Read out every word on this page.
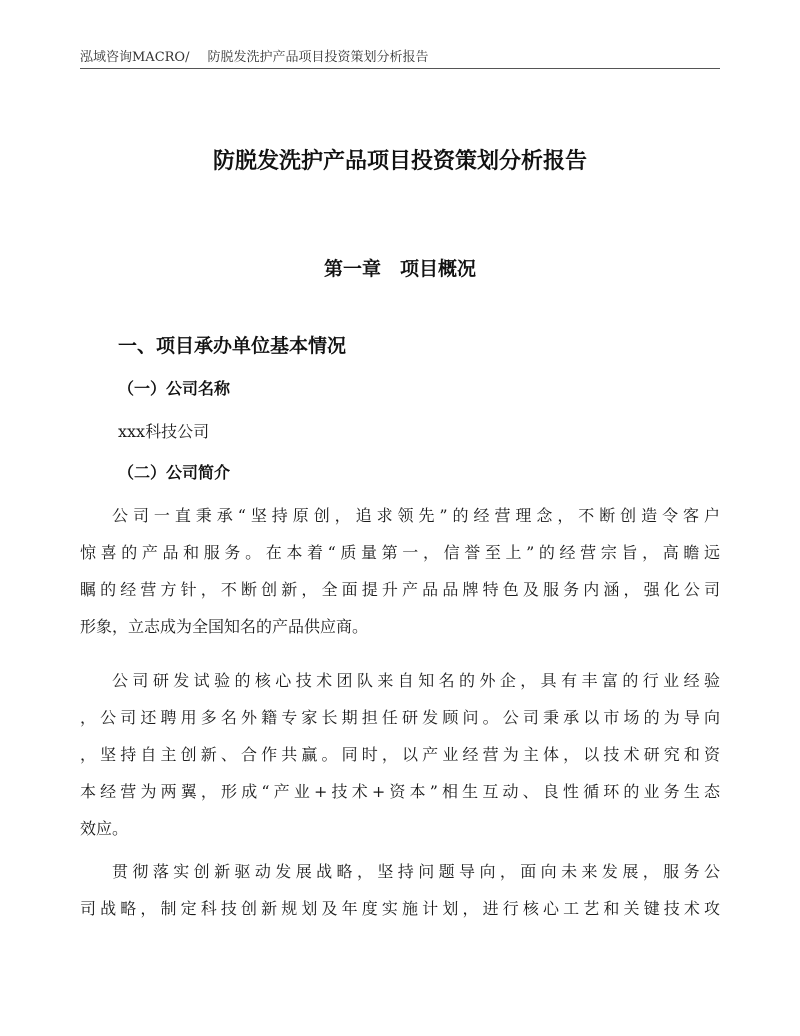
泓域咨询MACRO/ 防脱发洗护产品项目投资策划分析报告
防脱发洗护产品项目投资策划分析报告
第一章　项目概况
一、项目承办单位基本情况
（一）公司名称
xxx科技公司
（二）公司简介
公司一直秉承“坚持原创，追求领先”的经营理念，不断创造令客户
惊喜的产品和服务。在本着“质量第一，信誉至上”的经营宗旨，高瞻远
瞩的经营方针，不断创新，全面提升产品品牌特色及服务内涵，强化公司
形象，立志成为全国知名的产品供应商。
公司研发试验的核心技术团队来自知名的外企，具有丰富的行业经验
，公司还聘用多名外籍专家长期担任研发顾问。公司秉承以市场的为导向
，坚持自主创新、合作共赢。同时，以产业经营为主体，以技术研究和资
本经营为两翼，形成“产业+技术+资本”相生互动、良性循环的业务生态
效应。
贯彻落实创新驱动发展战略，坚持问题导向，面向未来发展，服务公
司战略，制定科技创新规划及年度实施计划，进行核心工艺和关键技术攻
